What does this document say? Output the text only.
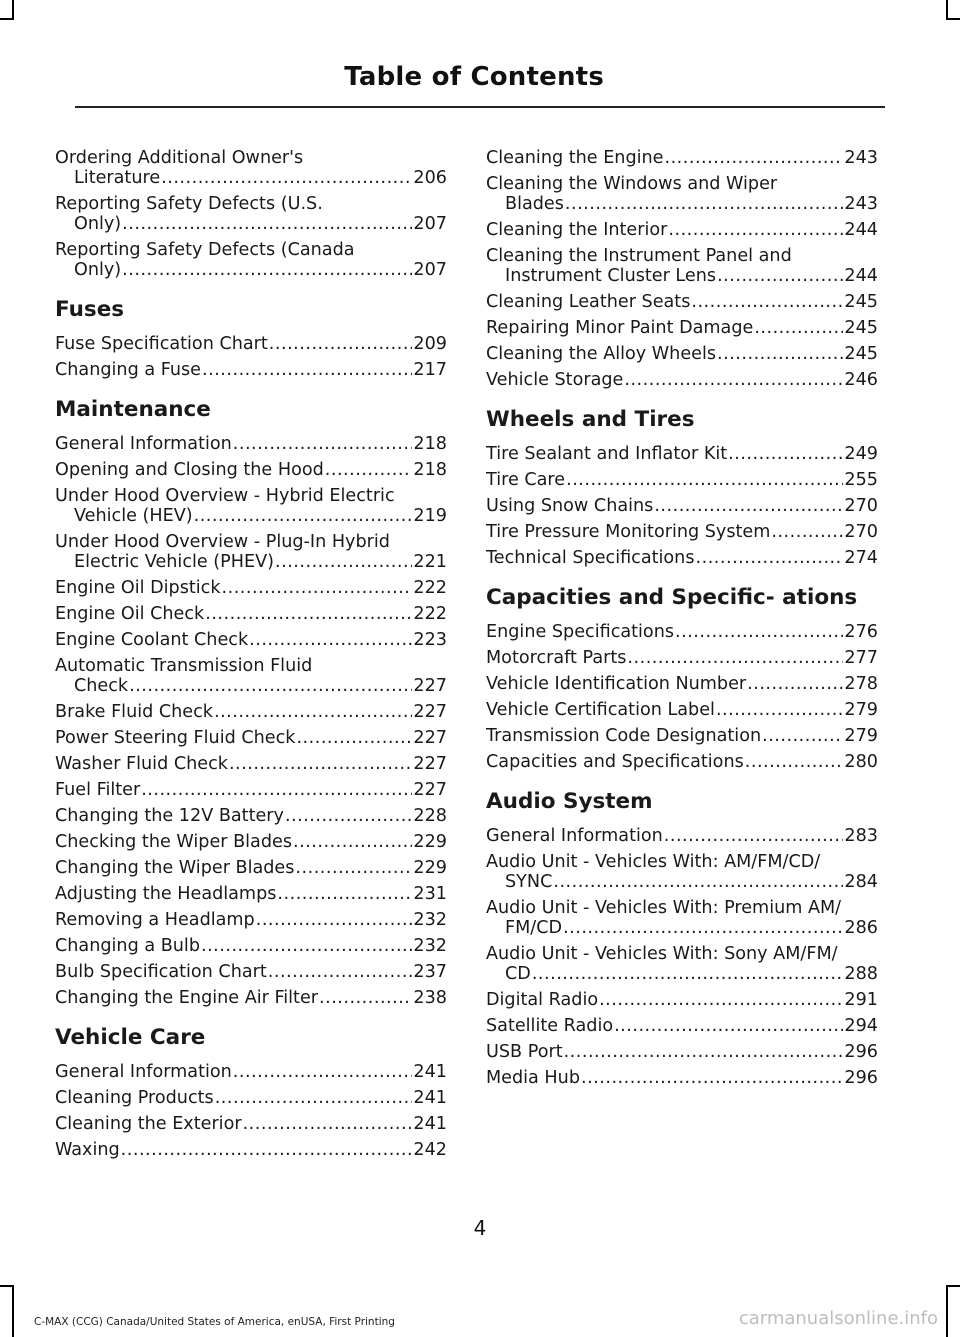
Table of Contents
Ordering Additional Owner's
Literature .....	206
Reporting Safety Defects (U.S.
Only) .....	207
Reporting Safety Defects (Canada
Only) .....	207
Fuses
Fuse Specification Chart .....	209
Changing a Fuse .....	217
Maintenance
General Information .....	218
Opening and Closing the Hood .....	218
Under Hood Overview - Hybrid Electric
Vehicle (HEV) .....	219
Under Hood Overview - Plug-In Hybrid
Electric Vehicle (PHEV) .....	221
Engine Oil Dipstick .....	222
Engine Oil Check .....	222
Engine Coolant Check .....	223
Automatic Transmission Fluid
Check .....	227
Brake Fluid Check .....	227
Power Steering Fluid Check .....	227
Washer Fluid Check .....	227
Fuel Filter .....	227
Changing the 12V Battery .....	228
Checking the Wiper Blades .....	229
Changing the Wiper Blades .....	229
Adjusting the Headlamps .....	231
Removing a Headlamp .....	232
Changing a Bulb .....	232
Bulb Specification Chart .....	237
Changing the Engine Air Filter .....	238
Vehicle Care
General Information .....	241
Cleaning Products .....	241
Cleaning the Exterior .....	241
Waxing .....	242
Cleaning the Engine .....	243
Cleaning the Windows and Wiper
Blades .....	243
Cleaning the Interior .....	244
Cleaning the Instrument Panel and
Instrument Cluster Lens .....	244
Cleaning Leather Seats .....	245
Repairing Minor Paint Damage .....	245
Cleaning the Alloy Wheels .....	245
Vehicle Storage .....	246
Wheels and Tires
Tire Sealant and Inflator Kit .....	249
Tire Care .....	255
Using Snow Chains .....	270
Tire Pressure Monitoring System .....	270
Technical Specifications .....	274
Capacities and Specific- ations
Engine Specifications .....	276
Motorcraft Parts .....	277
Vehicle Identification Number .....	278
Vehicle Certification Label .....	279
Transmission Code Designation .....	279
Capacities and Specifications .....	280
Audio System
General Information .....	283
Audio Unit - Vehicles With: AM/FM/CD/
SYNC .....	284
Audio Unit - Vehicles With: Premium AM/
FM/CD .....	286
Audio Unit - Vehicles With: Sony AM/FM/
CD .....	288
Digital Radio .....	291
Satellite Radio .....	294
USB Port .....	296
Media Hub .....	296
4
C-MAX (CCG) Canada/United States of America, enUSA, First Printing	carmanualsonline.info
